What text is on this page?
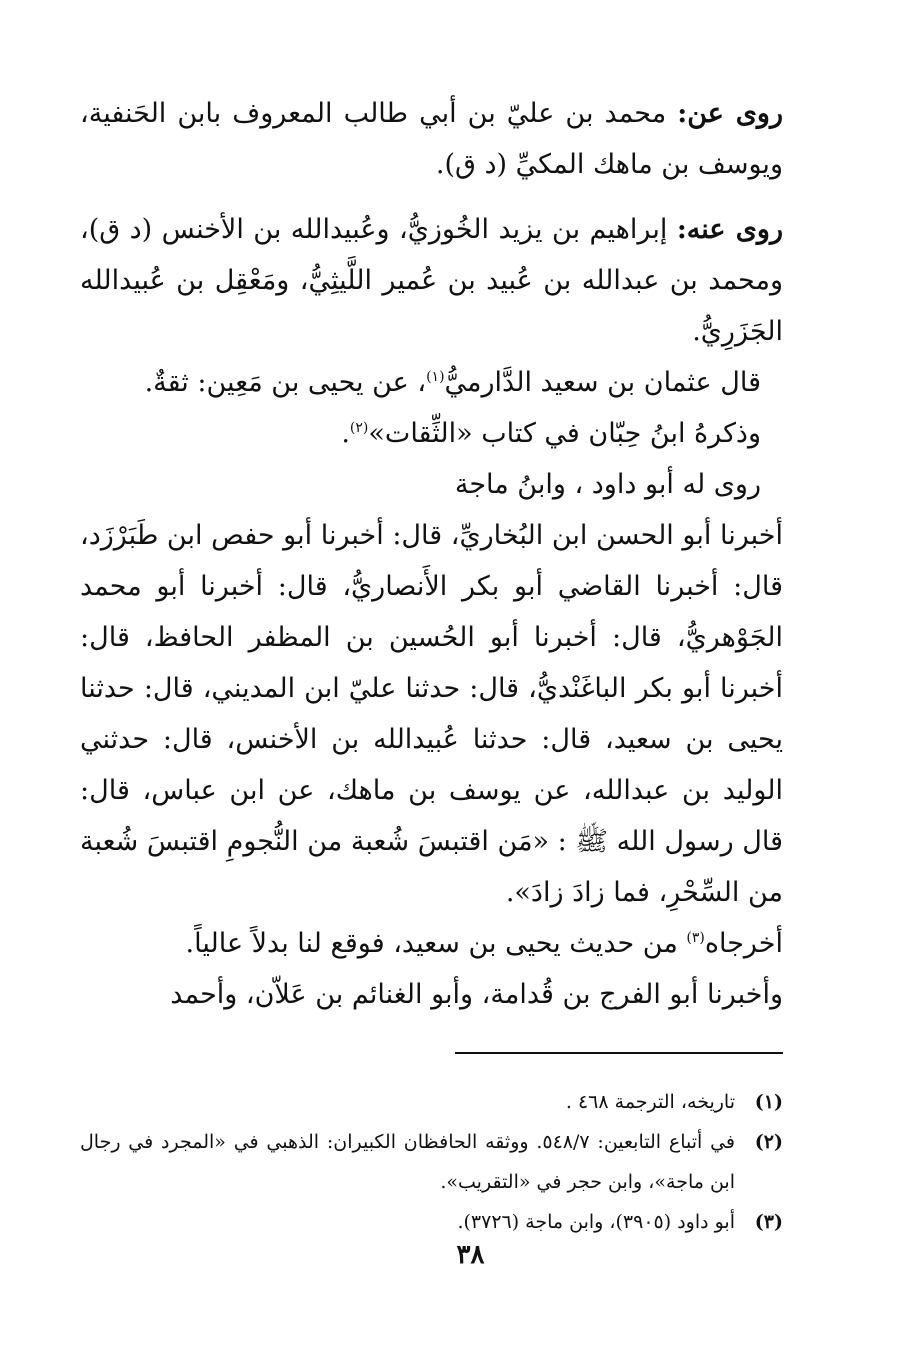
روى عن: محمد بن عليّ بن أبي طالب المعروف بابن الحَنفية، ويوسف بن ماهك المكيِّ (د ق).

روى عنه: إبراهيم بن يزيد الخُوزيُّ، وعُبيدالله بن الأخنس (د ق)، ومحمد بن عبدالله بن عُبيد بن عُمير اللَّيثِيُّ، ومَعْقِل بن عُبيدالله الجَزَرِيُّ.

قال عثمان بن سعيد الدَّارميُّ$^{(١)}$، عن يحيى بن مَعِين: ثقةٌ.

وذكرهُ ابنُ حِبّان في كتاب «الثِّقات»$^{(٢)}$.

روى له أبو داود ، وابنُ ماجة

أخبرنا أبو الحسن ابن البُخاريِّ، قال: أخبرنا أبو حفص ابن طَبَرْزَد، قال: أخبرنا القاضي أبو بكر الأَنصاريُّ، قال: أخبرنا أبو محمد الجَوْهريُّ، قال: أخبرنا أبو الحُسين بن المظفر الحافظ، قال: أخبرنا أبو بكر الباغَنْديُّ، قال: حدثنا عليّ ابن المديني، قال: حدثنا يحيى بن سعيد، قال: حدثنا عُبيدالله بن الأخنس، قال: حدثني الوليد بن عبدالله، عن يوسف بن ماهك، عن ابن عباس، قال: قال رسول الله ﷺ : «مَن اقتبسَ شُعبة من النُّجومِ اقتبسَ شُعبة من السِّحْرِ، فما زادَ زادَ».

أخرجاه$^{(٣)}$ من حديث يحيى بن سعيد، فوقع لنا بدلاً عالياً.

وأخبرنا أبو الفرج بن قُدامة، وأبو الغنائم بن عَلاّن، وأحمد

(١)
تاريخه، الترجمة ٤٦٨ .

(٢)
في أتباع التابعين: ٥٤٨/٧. ووثقه الحافظان الكبيران: الذهبي في «المجرد في رجال ابن ماجة»، وابن حجر في «التقريب».

(٣)
أبو داود (٣٩٠٥)، وابن ماجة (٣٧٢٦).

٣٨
